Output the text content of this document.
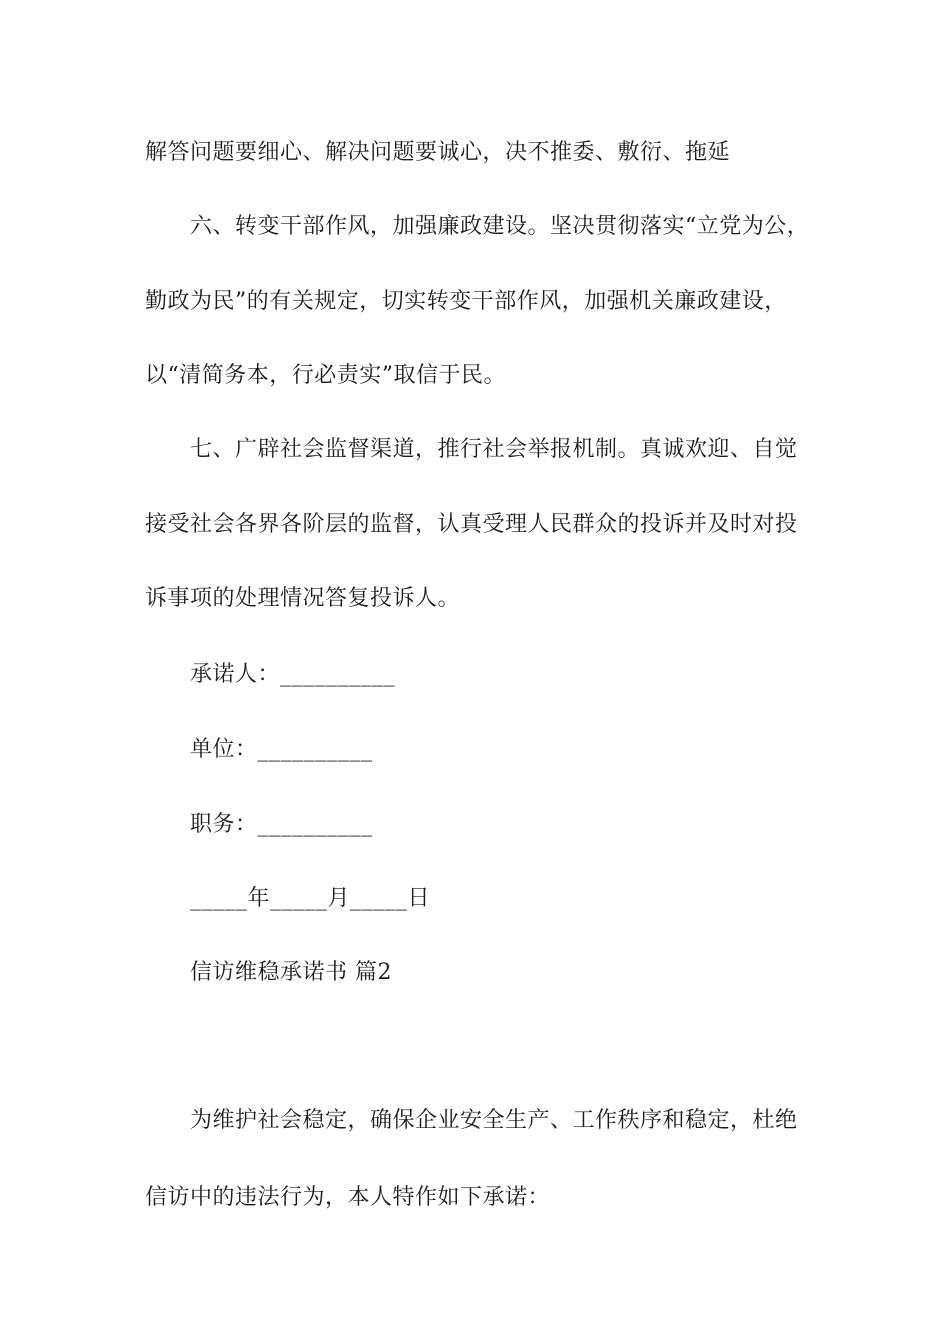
解答问题要细心、解决问题要诚心，决不推委、敷衍、拖延
六、转变干部作风，加强廉政建设。坚决贯彻落实“立党为公，
勤政为民”的有关规定，切实转变干部作风，加强机关廉政建设，
以“清简务本，行必责实”取信于民。
七、广辟社会监督渠道，推行社会举报机制。真诚欢迎、自觉
接受社会各界各阶层的监督，认真受理人民群众的投诉并及时对投
诉事项的处理情况答复投诉人。
承诺人：__________
单位：__________
职务：__________
_____年_____月_____日
信访维稳承诺书 篇2
为维护社会稳定，确保企业安全生产、工作秩序和稳定，杜绝
信访中的违法行为，本人特作如下承诺：
